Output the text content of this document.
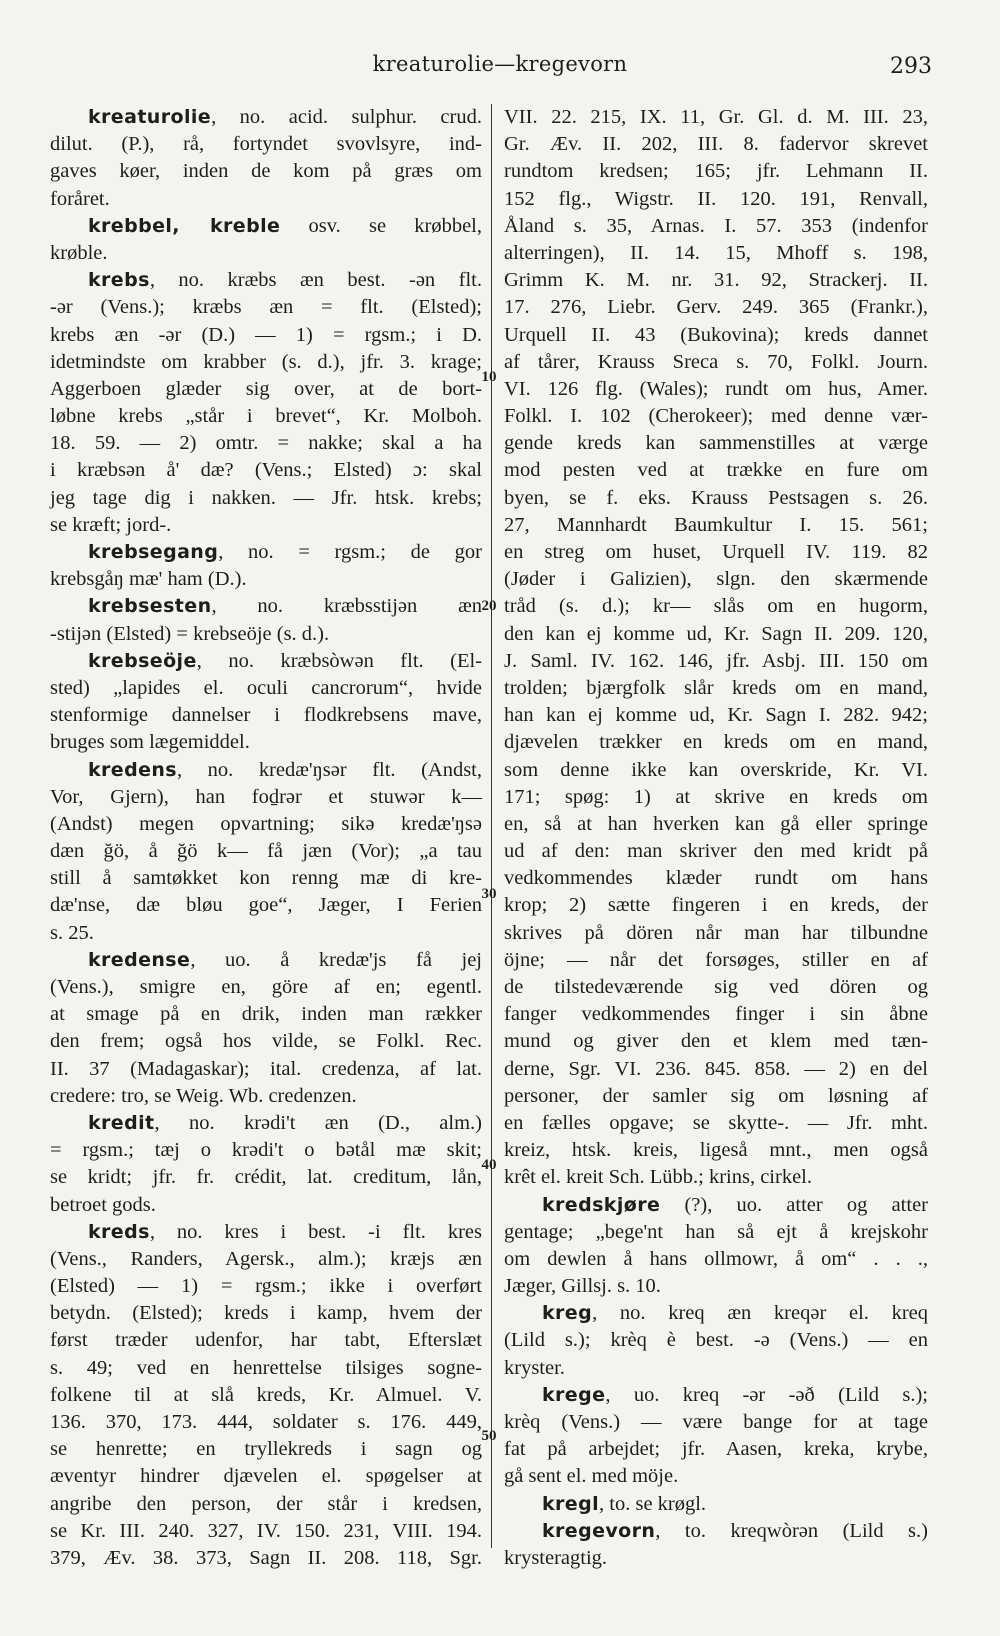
kreaturolie—kregevorn	293
kreaturolie, no. acid. sulphur. crud.
dilut. (P.), rå, fortyndet svovlsyre, ind-
gaves køer, inden de kom på græs om
foråret.
krebbel, kreble osv. se krøbbel,
krøble.
krebs, no. kræbs æn best. -ən flt.
-ər (Vens.); kræbs æn = flt. (Elsted);
krebs æn -ər (D.) — 1) = rgsm.; i D.
idetmindste om krabber (s. d.), jfr. 3. krage;
Aggerboen glæder sig over, at de bort-
løbne krebs „står i brevet“, Kr. Molboh.
18. 59. — 2) omtr. = nakke; skal a ha
i kræbsən å' dæ? (Vens.; Elsted) ɔ: skal
jeg tage dig i nakken. — Jfr. htsk. krebs;
se kræft; jord-.
krebsegang, no. = rgsm.; de gor
krebsgåŋ mæ' ham (D.).
krebsesten, no. kræbsstijən æn
-stijən (Elsted) = krebseöje (s. d.).
krebseöje, no. kræbsòwən flt. (El-
sted) „lapides el. oculi cancrorum“, hvide
stenformige dannelser i flodkrebsens mave,
bruges som lægemiddel.
kredens, no. kredæ'ŋsər flt. (Andst,
Vor, Gjern), han foḏrər et stuwər k—
(Andst) megen opvartning; sikə kredæ'ŋsə
dæn ğö, å ğö k— få jæn (Vor); „a tau
still å samtøkket kon renng mæ di kre-
dæ'nse, dæ bløu goe“, Jæger, I Ferien
s. 25.
kredense, uo. å kredæ'js få jej
(Vens.), smigre en, göre af en; egentl.
at smage på en drik, inden man rækker
den frem; også hos vilde, se Folkl. Rec.
II. 37 (Madagaskar); ital. credenza, af lat.
credere: tro, se Weig. Wb. credenzen.
kredit, no. krədi't æn (D., alm.)
= rgsm.; tæj o krədi't o bətål mæ skit;
se kridt; jfr. fr. crédit, lat. creditum, lån,
betroet gods.
kreds, no. kres i best. -i flt. kres
(Vens., Randers, Agersk., alm.); kræjs æn
(Elsted) — 1) = rgsm.; ikke i overført
betydn. (Elsted); kreds i kamp, hvem der
først træder udenfor, har tabt, Efterslæt
s. 49; ved en henrettelse tilsiges sogne-
folkene til at slå kreds, Kr. Almuel. V.
136. 370, 173. 444, soldater s. 176. 449,
se henrette; en tryllekreds i sagn og
æventyr hindrer djævelen el. spøgelser at
angribe den person, der står i kredsen,
se Kr. III. 240. 327, IV. 150. 231, VIII. 194.
379, Æv. 38. 373, Sagn II. 208. 118, Sgr.
VII. 22. 215, IX. 11, Gr. Gl. d. M. III. 23,
Gr. Æv. II. 202, III. 8. fadervor skrevet
rundtom kredsen; 165; jfr. Lehmann II.
152 flg., Wigstr. II. 120. 191, Renvall,
Åland s. 35, Arnas. I. 57. 353 (indenfor
alterringen), II. 14. 15, Mhoff s. 198,
Grimm K. M. nr. 31. 92, Strackerj. II.
17. 276, Liebr. Gerv. 249. 365 (Frankr.),
Urquell II. 43 (Bukovina); kreds dannet
af tårer, Krauss Sreca s. 70, Folkl. Journ.
VI. 126 flg. (Wales); rundt om hus, Amer.
Folkl. I. 102 (Cherokeer); med denne vær-
gende kreds kan sammenstilles at værge
mod pesten ved at trække en fure om
byen, se f. eks. Krauss Pestsagen s. 26.
27, Mannhardt Baumkultur I. 15. 561;
en streg om huset, Urquell IV. 119. 82
(Jøder i Galizien), slgn. den skærmende
tråd (s. d.); kr— slås om en hugorm,
den kan ej komme ud, Kr. Sagn II. 209. 120,
J. Saml. IV. 162. 146, jfr. Asbj. III. 150 om
trolden; bjærgfolk slår kreds om en mand,
han kan ej komme ud, Kr. Sagn I. 282. 942;
djævelen trækker en kreds om en mand,
som denne ikke kan overskride, Kr. VI.
171; spøg: 1) at skrive en kreds om
en, så at han hverken kan gå eller springe
ud af den: man skriver den med kridt på
vedkommendes klæder rundt om hans
krop; 2) sætte fingeren i en kreds, der
skrives på dören når man har tilbundne
öjne; — når det forsøges, stiller en af
de tilstedeværende sig ved dören og
fanger vedkommendes finger i sin åbne
mund og giver den et klem med tæn-
derne, Sgr. VI. 236. 845. 858. — 2) en del
personer, der samler sig om løsning af
en fælles opgave; se skytte-. — Jfr. mht.
kreiz, htsk. kreis, ligeså mnt., men også
krêt el. kreit Sch. Lübb.; krins, cirkel.
kredskjøre (?), uo. atter og atter
gentage; „bege'nt han så ejt å krejskohr
om dewlen å hans ollmowr, å om“ . . .,
Jæger, Gillsj. s. 10.
kreg, no. kreq æn kreqər el. kreq
(Lild s.); krèq è best. -ə (Vens.) — en
kryster.
krege, uo. kreq -ər -əð (Lild s.);
krèq (Vens.) — være bange for at tage
fat på arbejdet; jfr. Aasen, kreka, krybe,
gå sent el. med möje.
kregl, to. se krøgl.
kregevorn, to. kreqwòrən (Lild s.)
krysteragtig.
10
20
30
40
50
